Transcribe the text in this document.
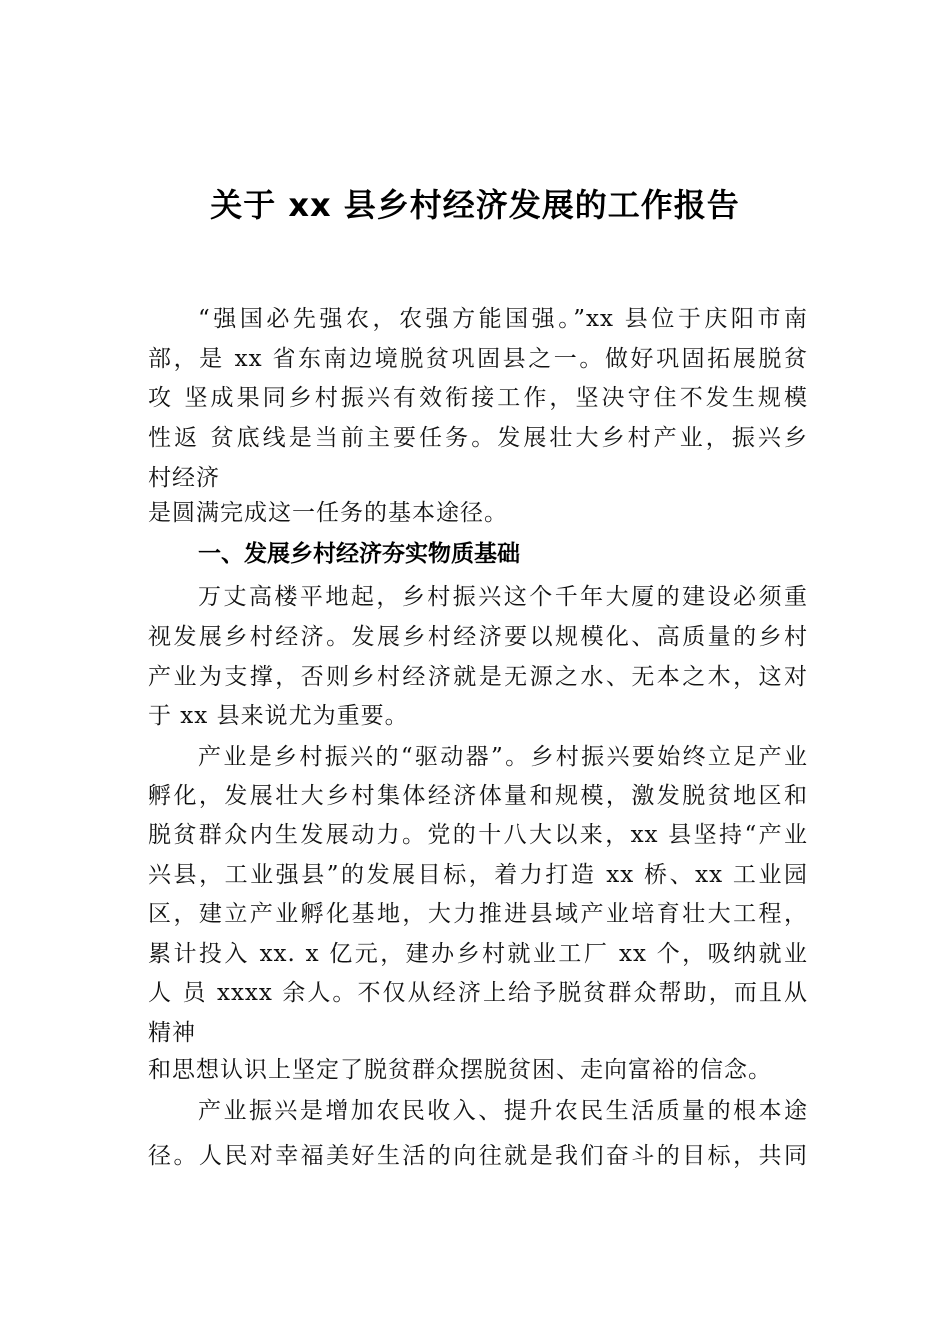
关于 xx 县乡村经济发展的工作报告
“强国必先强农，农强方能国强。”xx 县位于庆阳市南
部，是 xx 省东南边境脱贫巩固县之一。做好巩固拓展脱贫
攻 坚成果同乡村振兴有效衔接工作，坚决守住不发生规模
性返 贫底线是当前主要任务。发展壮大乡村产业，振兴乡
村经济
是圆满完成这一任务的基本途径。
一、发展乡村经济夯实物质基础
万丈高楼平地起，乡村振兴这个千年大厦的建设必须重
视发展乡村经济。发展乡村经济要以规模化、高质量的乡村
产业为支撑，否则乡村经济就是无源之水、无本之木，这对
于 xx 县来说尤为重要。
产业是乡村振兴的“驱动器”。乡村振兴要始终立足产业
孵化，发展壮大乡村集体经济体量和规模，激发脱贫地区和
脱贫群众内生发展动力。党的十八大以来，xx 县坚持“产业
兴县，工业强县”的发展目标，着力打造 xx 桥、xx 工业园
区，建立产业孵化基地，大力推进县域产业培育壮大工程，
累计投入 xx. x 亿元，建办乡村就业工厂 xx 个，吸纳就业
人 员 xxxx 余人。不仅从经济上给予脱贫群众帮助，而且从
精神
和思想认识上坚定了脱贫群众摆脱贫困、走向富裕的信念。
产业振兴是增加农民收入、提升农民生活质量的根本途
径。人民对幸福美好生活的向往就是我们奋斗的目标，共同
